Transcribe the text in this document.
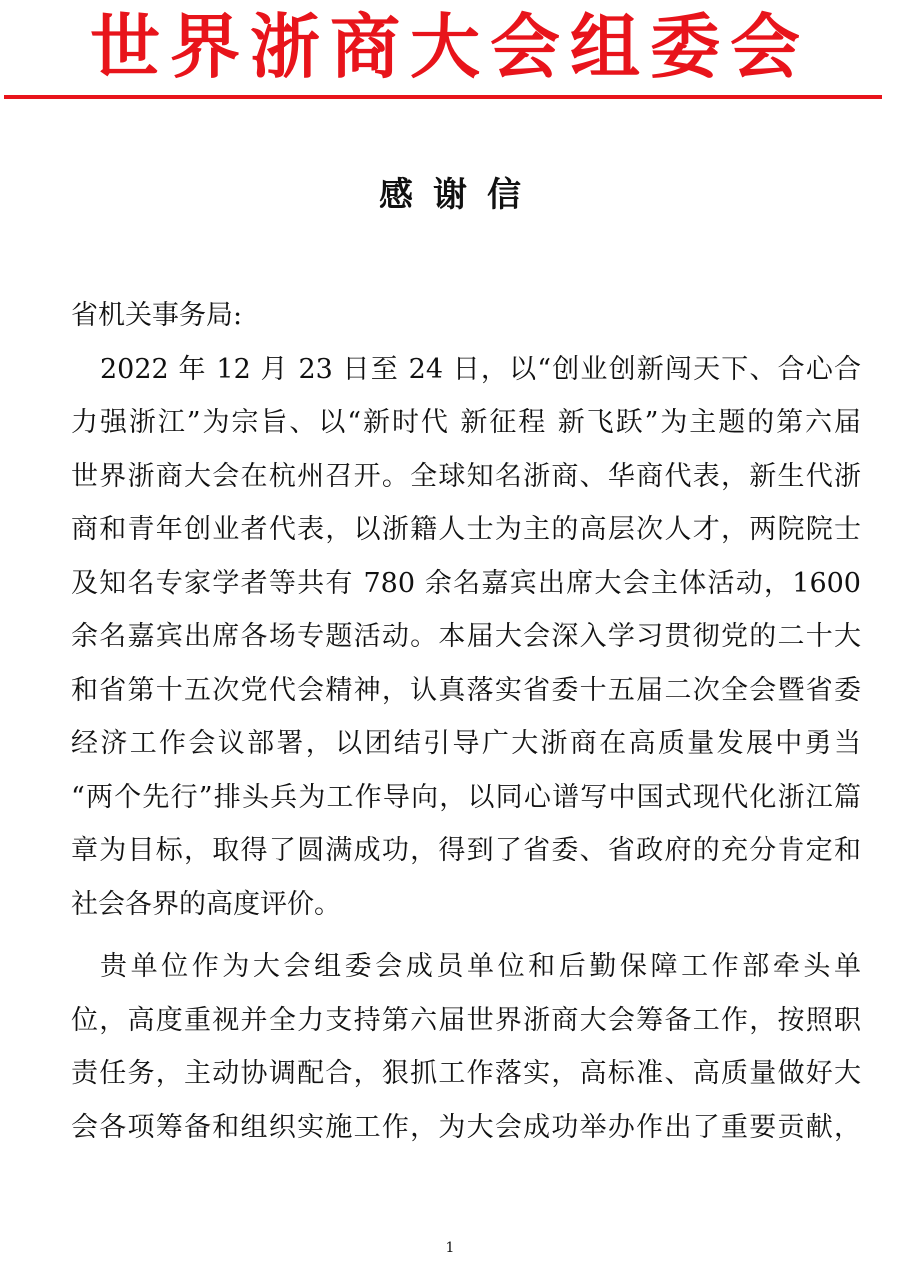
世界浙商大会组委会
感谢信

省机关事务局:

2022 年 12 月 23 日至 24 日，以“创业创新闯天下、合心合
力强浙江”为宗旨、以“新时代 新征程 新飞跃”为主题的第六届
世界浙商大会在杭州召开。全球知名浙商、华商代表，新生代浙
商和青年创业者代表，以浙籍人士为主的高层次人才，两院院士
及知名专家学者等共有 780 余名嘉宾出席大会主体活动，1600
余名嘉宾出席各场专题活动。本届大会深入学习贯彻党的二十大
和省第十五次党代会精神，认真落实省委十五届二次全会暨省委
经济工作会议部署，以团结引导广大浙商在高质量发展中勇当
“两个先行”排头兵为工作导向，以同心谱写中国式现代化浙江篇
章为目标，取得了圆满成功，得到了省委、省政府的充分肯定和
社会各界的高度评价。

贵单位作为大会组委会成员单位和后勤保障工作部牵头单
位，高度重视并全力支持第六届世界浙商大会筹备工作，按照职
责任务，主动协调配合，狠抓工作落实，高标准、高质量做好大
会各项筹备和组织实施工作，为大会成功举办作出了重要贡献，

1
